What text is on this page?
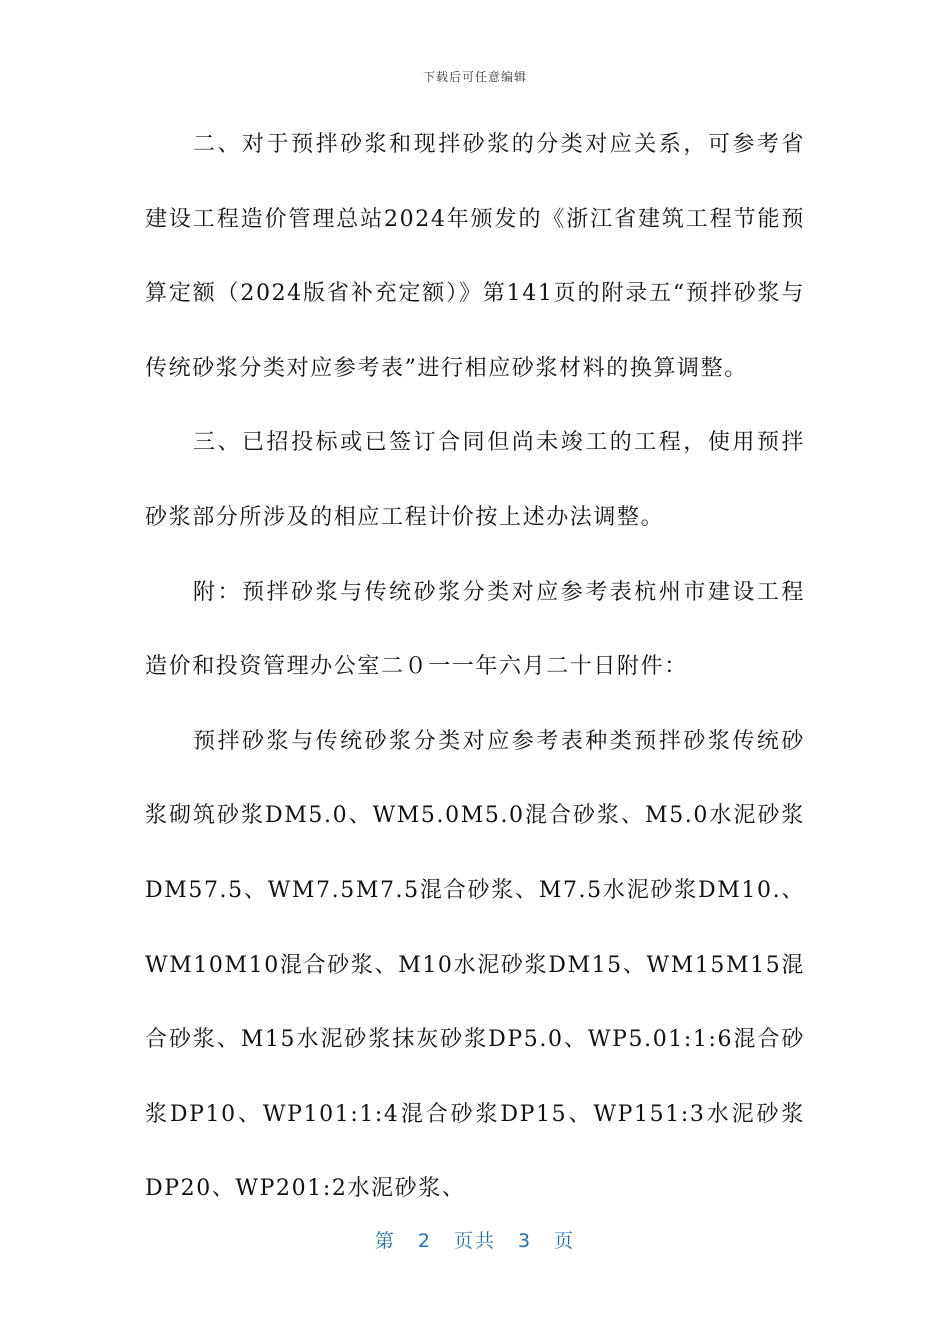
下载后可任意编辑

二、对于预拌砂浆和现拌砂浆的分类对应关系，可参考省建设工程造价管理总站2024年颁发的《浙江省建筑工程节能预算定额（2024版省补充定额）》第141页的附录五“预拌砂浆与传统砂浆分类对应参考表”进行相应砂浆材料的换算调整。

三、已招投标或已签订合同但尚未竣工的工程，使用预拌砂浆部分所涉及的相应工程计价按上述办法调整。

附：预拌砂浆与传统砂浆分类对应参考表杭州市建设工程造价和投资管理办公室二０一一年六月二十日附件：

预拌砂浆与传统砂浆分类对应参考表种类预拌砂浆传统砂浆砌筑砂浆DM5.0、WM5.0M5.0混合砂浆、M5.0水泥砂浆DM57.5、WM7.5M7.5混合砂浆、M7.5水泥砂浆DM10.、WM10M10混合砂浆、M10水泥砂浆DM15、WM15M15混合砂浆、M15水泥砂浆抹灰砂浆DP5.0、WP5.01:1:6混合砂浆DP10、WP101:1:4混合砂浆DP15、WP151:3水泥砂浆DP20、WP201:2水泥砂浆、

第 2 页共 3 页
